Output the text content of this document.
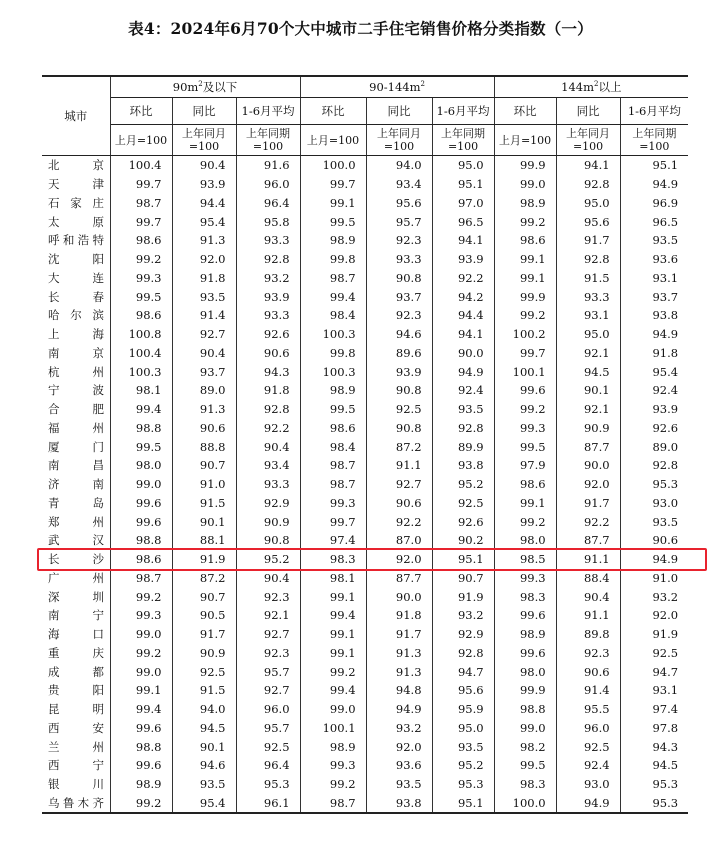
表4：2024年6月70个大中城市二手住宅销售价格分类指数（一）
城市	$90m^2$及以下			$90-144m^2$			$144m^2$以上		
	环比	同比	1-6月平均	环比	同比	1-6月平均	环比	同比	1-6月平均
	上月=100	上年同月=100	上年同期=100	上月=100	上年同月=100	上年同期=100	上月=100	上年同月=100	上年同期=100

北京	100.4	90.4	91.6	100.0	94.0	95.0	99.9	94.1	95.1

天津	99.7	93.9	96.0	99.7	93.4	95.1	99.0	92.8	94.9

石家庄	98.7	94.4	96.4	99.1	95.6	97.0	98.9	95.0	96.9

太原	99.7	95.4	95.8	99.5	95.7	96.5	99.2	95.6	96.5

呼和浩特	98.6	91.3	93.3	98.9	92.3	94.1	98.6	91.7	93.5

沈阳	99.2	92.0	92.8	99.8	93.3	93.9	99.1	92.8	93.6

大连	99.3	91.8	93.2	98.7	90.8	92.2	99.1	91.5	93.1

长春	99.5	93.5	93.9	99.4	93.7	94.2	99.9	93.3	93.7

哈尔滨	98.6	91.4	93.3	98.4	92.3	94.4	99.2	93.1	93.8

上海	100.8	92.7	92.6	100.3	94.6	94.1	100.2	95.0	94.9

南京	100.4	90.4	90.6	99.8	89.6	90.0	99.7	92.1	91.8

杭州	100.3	93.7	94.3	100.3	93.9	94.9	100.1	94.5	95.4

宁波	98.1	89.0	91.8	98.9	90.8	92.4	99.6	90.1	92.4

合肥	99.4	91.3	92.8	99.5	92.5	93.5	99.2	92.1	93.9

福州	98.8	90.6	92.2	98.6	90.8	92.8	99.3	90.9	92.6

厦门	99.5	88.8	90.4	98.4	87.2	89.9	99.5	87.7	89.0

南昌	98.0	90.7	93.4	98.7	91.1	93.8	97.9	90.0	92.8

济南	99.0	91.0	93.3	98.7	92.7	95.2	98.6	92.0	95.3

青岛	99.6	91.5	92.9	99.3	90.6	92.5	99.1	91.7	93.0

郑州	99.6	90.1	90.9	99.7	92.2	92.6	99.2	92.2	93.5

武汉	98.8	88.1	90.8	97.4	87.0	90.2	98.0	87.7	90.6

长沙	98.6	91.9	95.2	98.3	92.0	95.1	98.5	91.1	94.9

广州	98.7	87.2	90.4	98.1	87.7	90.7	99.3	88.4	91.0

深圳	99.2	90.7	92.3	99.1	90.0	91.9	98.3	90.4	93.2

南宁	99.3	90.5	92.1	99.4	91.8	93.2	99.6	91.1	92.0

海口	99.0	91.7	92.7	99.1	91.7	92.9	98.9	89.8	91.9

重庆	99.2	90.9	92.3	99.1	91.3	92.8	99.6	92.3	92.5

成都	99.0	92.5	95.7	99.2	91.3	94.7	98.0	90.6	94.7

贵阳	99.1	91.5	92.7	99.4	94.8	95.6	99.9	91.4	93.1

昆明	99.4	94.0	96.0	99.0	94.9	95.9	98.8	95.5	97.4

西安	99.6	94.5	95.7	100.1	93.2	95.0	99.0	96.0	97.8

兰州	98.8	90.1	92.5	98.9	92.0	93.5	98.2	92.5	94.3

西宁	99.6	94.6	96.4	99.3	93.6	95.2	99.5	92.4	94.5

银川	98.9	93.5	95.3	99.2	93.5	95.3	98.3	93.0	95.3

乌鲁木齐	99.2	95.4	96.1	98.7	93.8	95.1	100.0	94.9	95.3
